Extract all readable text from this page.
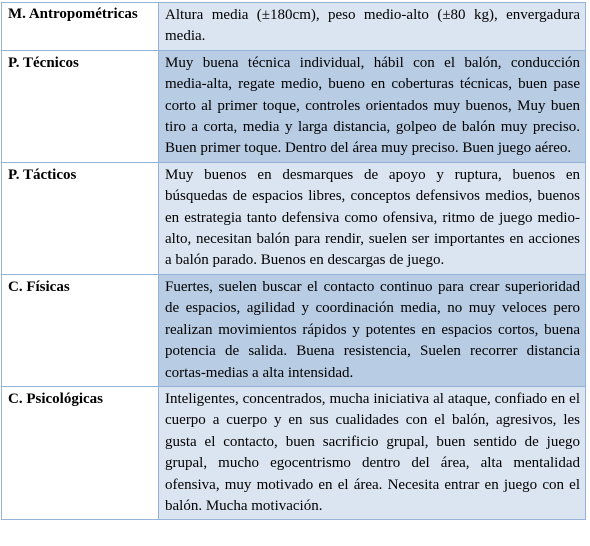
M. Antropométricas	Altura media (±180cm), peso medio-alto (±80 kg), envergadura media.
P. Técnicos	Muy buena técnica individual, hábil con el balón, conducción media-alta, regate medio, bueno en coberturas técnicas, buen pase corto al primer toque, controles orientados muy buenos, Muy buen tiro a corta, media y larga distancia, golpeo de balón muy preciso. Buen primer toque. Dentro del área muy preciso. Buen juego aéreo.
P. Tácticos	Muy buenos en desmarques de apoyo y ruptura, buenos en búsquedas de espacios libres, conceptos defensivos medios, buenos en estrategia tanto defensiva como ofensiva, ritmo de juego medio-alto, necesitan balón para rendir, suelen ser importantes en acciones a balón parado. Buenos en descargas de juego.
C. Físicas	Fuertes, suelen buscar el contacto continuo para crear superioridad de espacios, agilidad y coordinación media, no muy veloces pero realizan movimientos rápidos y potentes en espacios cortos, buena potencia de salida. Buena resistencia, Suelen recorrer distancia cortas-medias a alta intensidad.
C. Psicológicas	Inteligentes, concentrados, mucha iniciativa al ataque, confiado en el cuerpo a cuerpo y en sus cualidades con el balón, agresivos, les gusta el contacto, buen sacrificio grupal, buen sentido de juego grupal, mucho egocentrismo dentro del área, alta mentalidad ofensiva, muy motivado en el área. Necesita entrar en juego con el balón. Mucha motivación.
